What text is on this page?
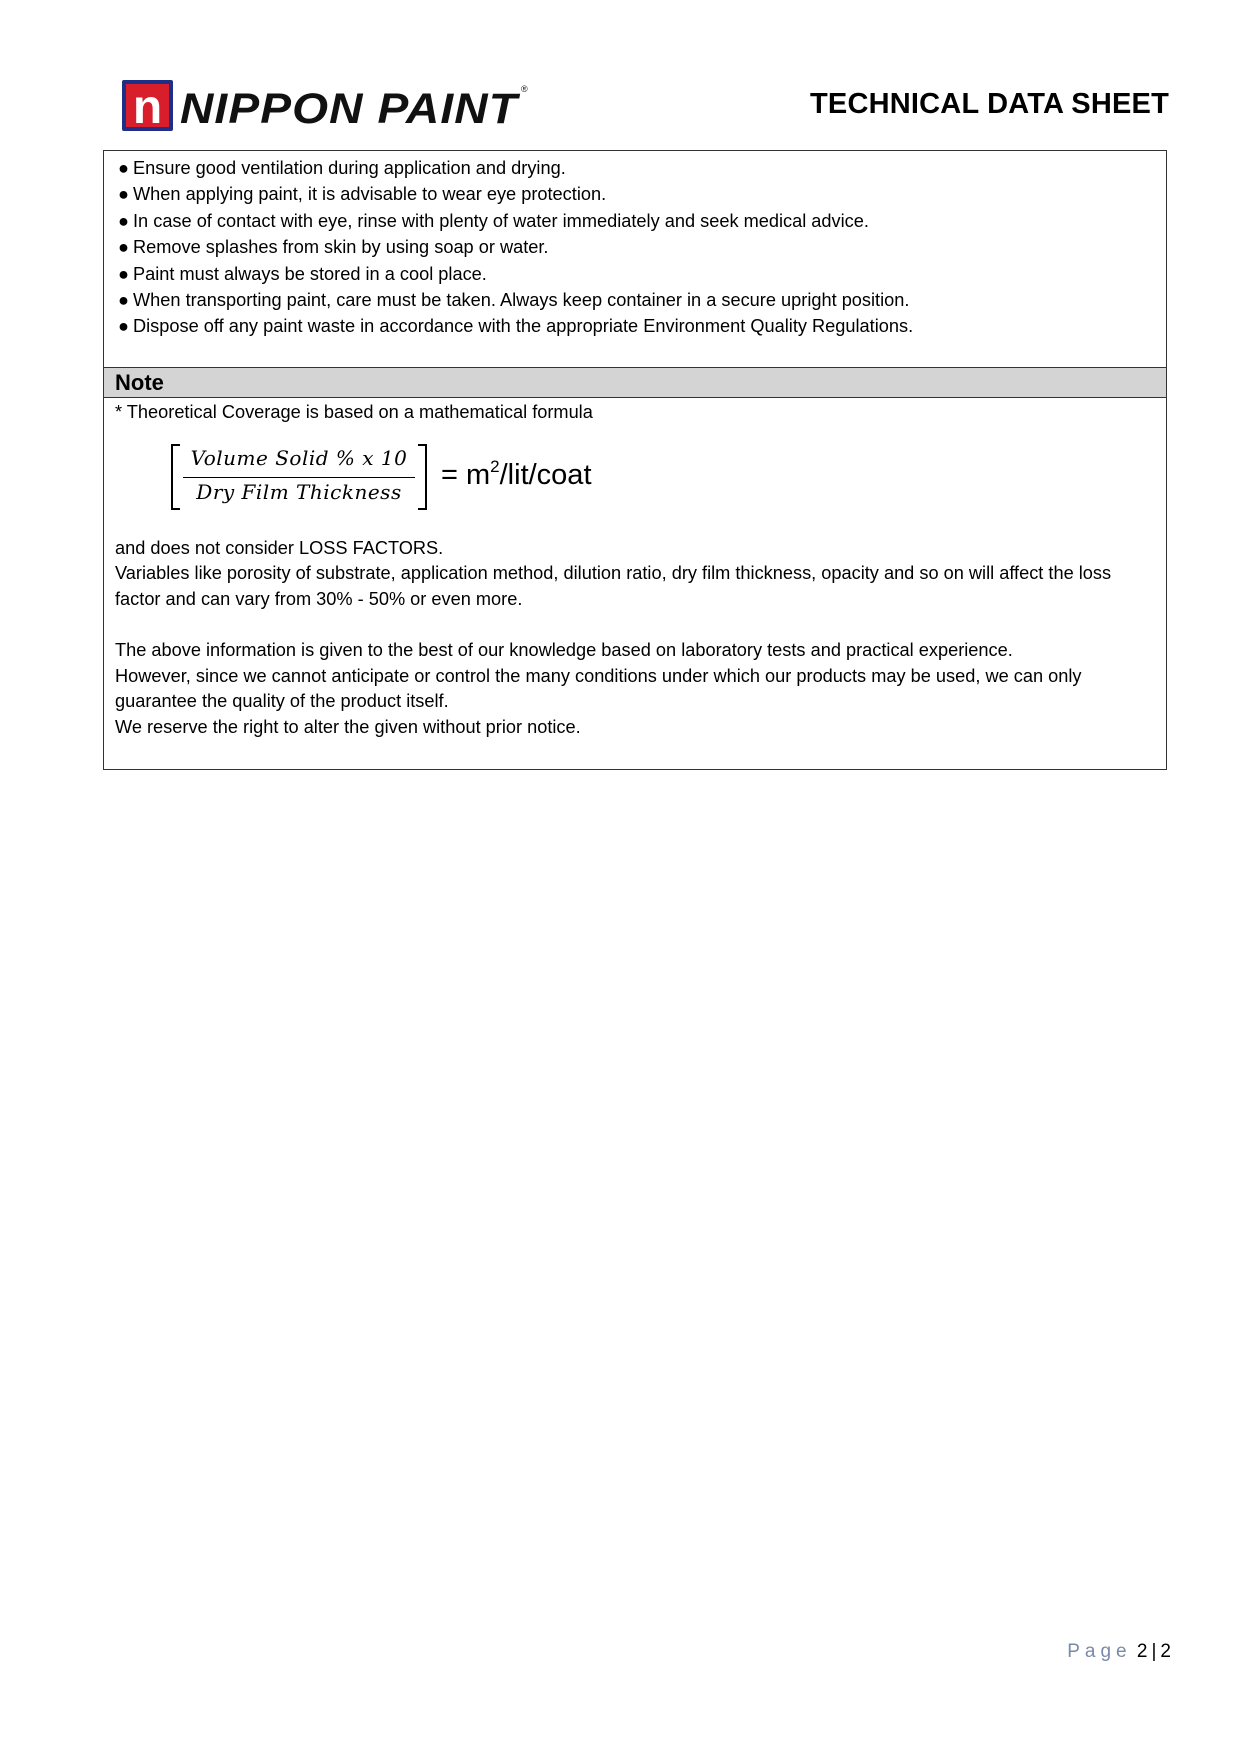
n NIPPON PAINT ®	TECHNICAL DATA SHEET
● Ensure good ventilation during application and drying.
● When applying paint, it is advisable to wear eye protection.
● In case of contact with eye, rinse with plenty of water immediately and seek medical advice.
● Remove splashes from skin by using soap or water.
● Paint must always be stored in a cool place.
● When transporting paint, care must be taken. Always keep container in a secure upright position.
● Dispose off any paint waste in accordance with the appropriate Environment Quality Regulations.
Note

* Theoretical Coverage is based on a mathematical formula

Volume Solid % x 10
Dry Film Thickness
= $m^2/lit$/coat

and does not consider LOSS FACTORS.

Variables like porosity of substrate, application method, dilution ratio, dry film thickness, opacity and so on will affect the loss factor and can vary from 30% - 50% or even more.

The above information is given to the best of our knowledge based on laboratory tests and practical experience.

However, since we cannot anticipate or control the many conditions under which our products may be used, we can only guarantee the quality of the product itself.

We reserve the right to alter the given without prior notice.

Page 2 | 2
